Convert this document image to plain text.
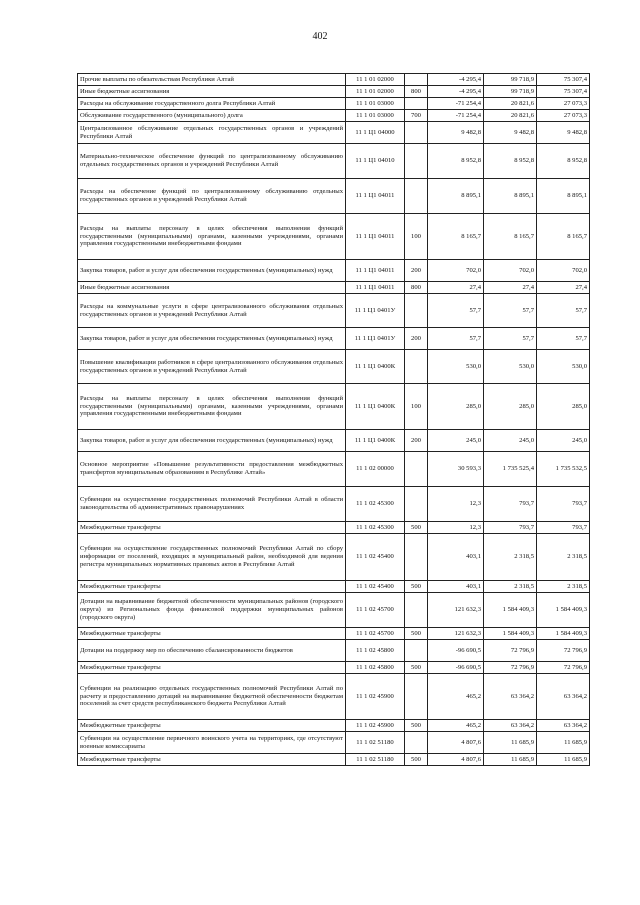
402
Прочие выплаты по обязательствам Республики Алтай	11 1 01 02000		-4 295,4	99 718,9	75 307,4
Иные бюджетные ассигнования	11 1 01 02000	800	-4 295,4	99 718,9	75 307,4
Расходы на обслуживание государственного долга Республики Алтай	11 1 01 03000		-71 254,4	20 821,6	27 073,3
Обслуживание государственного (муниципального) долга	11 1 01 03000	700	-71 254,4	20 821,6	27 073,3
Централизованное обслуживание отдельных государственных органов и учреждений Республики Алтай	11 1 Ц1 04000		9 482,8	9 482,8	9 482,8
Материально-техническое обеспечение функций по централизованному обслуживанию отдельных государственных органов и учреждений Республики Алтай	11 1 Ц1 04010		8 952,8	8 952,8	8 952,8
Расходы на обеспечение функций по централизованному обслуживанию отдельных государственных органов и учреждений Республики Алтай	11 1 Ц1 04011		8 895,1	8 895,1	8 895,1
Расходы на выплаты персоналу в целях обеспечения выполнения функций государственными (муниципальными) органами, казенными учреждениями, органами управления государственными внебюджетными фондами	11 1 Ц1 04011	100	8 165,7	8 165,7	8 165,7
Закупка товаров, работ и услуг для обеспечения государственных (муниципальных) нужд	11 1 Ц1 04011	200	702,0	702,0	702,0
Иные бюджетные ассигнования	11 1 Ц1 04011	800	27,4	27,4	27,4
Расходы на коммунальные услуги в сфере централизованного обслуживания отдельных государственных органов и учреждений Республики Алтай	11 1 Ц1 0401У		57,7	57,7	57,7
Закупка товаров, работ и услуг для обеспечения государственных (муниципальных) нужд	11 1 Ц1 0401У	200	57,7	57,7	57,7
Повышение квалификации работников в сфере централизованного обслуживания отдельных государственных органов и учреждений Республики Алтай	11 1 Ц1 0400К		530,0	530,0	530,0
Расходы на выплаты персоналу в целях обеспечения выполнения функций государственными (муниципальными) органами, казенными учреждениями, органами управления государственными внебюджетными фондами	11 1 Ц1 0400К	100	285,0	285,0	285,0
Закупка товаров, работ и услуг для обеспечения государственных (муниципальных) нужд	11 1 Ц1 0400К	200	245,0	245,0	245,0
Основное мероприятие «Повышение результативности предоставления межбюджетных трансфертов муниципальным образованиям в Республике Алтай»	11 1 02 00000		30 593,3	1 735 525,4	1 735 532,5
Субвенции на осуществление государственных полномочий Республики Алтай в области законодательства об административных правонарушениях	11 1 02 45300		12,3	793,7	793,7
Межбюджетные трансферты	11 1 02 45300	500	12,3	793,7	793,7
Субвенции на осуществление государственных полномочий Республики Алтай по сбору информации от поселений, входящих в муниципальный район, необходимой для ведения регистра муниципальных нормативных правовых актов в Республике Алтай	11 1 02 45400		403,1	2 318,5	2 318,5
Межбюджетные трансферты	11 1 02 45400	500	403,1	2 318,5	2 318,5
Дотации на выравнивание бюджетной обеспеченности муниципальных районов (городского округа) из Региональных фонда финансовой поддержки муниципальных районов (городского округа)	11 1 02 45700		121 632,3	1 584 409,3	1 584 409,3
Межбюджетные трансферты	11 1 02 45700	500	121 632,3	1 584 409,3	1 584 409,3
Дотации на поддержку мер по обеспечению сбалансированности бюджетов	11 1 02 45800		-96 690,5	72 796,9	72 796,9
Межбюджетные трансферты	11 1 02 45800	500	-96 690,5	72 796,9	72 796,9
Субвенции на реализацию отдельных государственных полномочий Республики Алтай по расчету и предоставлению дотаций на выравнивание бюджетной обеспеченности бюджетам поселений за счет средств республиканского бюджета Республики Алтай	11 1 02 45900		465,2	63 364,2	63 364,2
Межбюджетные трансферты	11 1 02 45900	500	465,2	63 364,2	63 364,2
Субвенции на осуществление первичного воинского учета на территориях, где отсутствуют военные комиссариаты	11 1 02 51180		4 807,6	11 685,9	11 685,9
Межбюджетные трансферты	11 1 02 51180	500	4 807,6	11 685,9	11 685,9
